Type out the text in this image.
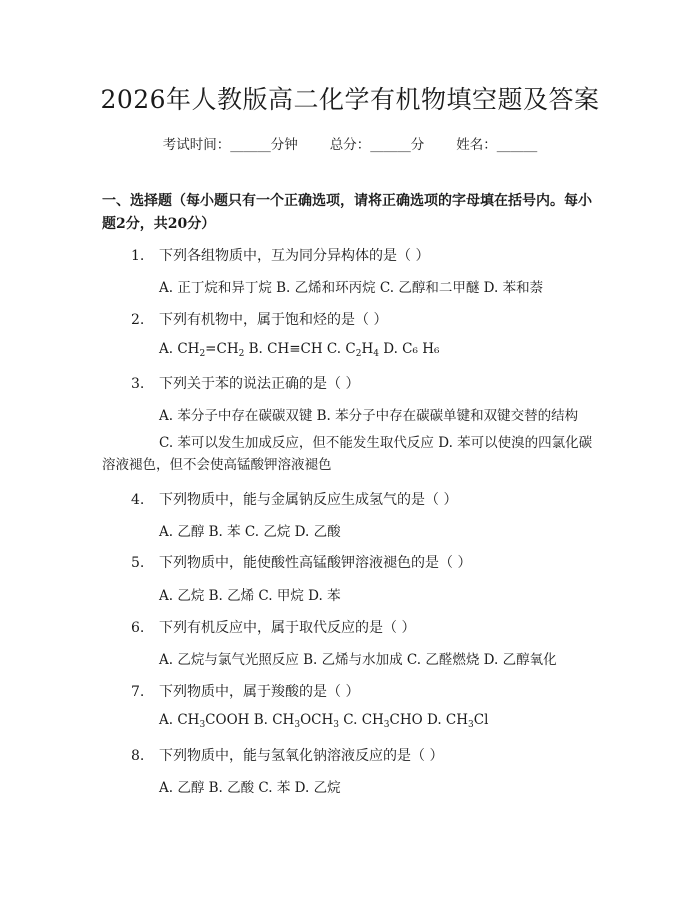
2026年人教版高二化学有机物填空题及答案
考试时间：______分钟 总分：______分 姓名：______
一、选择题（每小题只有一个正确选项，请将正确选项的字母填在括号内。每小题2分，共20分）
1. 下列各组物质中，互为同分异构体的是（ ）
A. 正丁烷和异丁烷 B. 乙烯和环丙烷 C. 乙醇和二甲醚 D. 苯和萘
2. 下列有机物中，属于饱和烃的是（ ）
A. $CH_2=CH_2$ B. CH≡CH C. $C_2H_4$ D. C₆ H₆
3. 下列关于苯的说法正确的是（ ）
A. 苯分子中存在碳碳双键 B. 苯分子中存在碳碳单键和双键交替的结构
C. 苯可以发生加成反应，但不能发生取代反应 D. 苯可以使溴的四氯化碳溶液褪色，但不会使高锰酸钾溶液褪色
4. 下列物质中，能与金属钠反应生成氢气的是（ ）
A. 乙醇 B. 苯 C. 乙烷 D. 乙酸
5. 下列物质中，能使酸性高锰酸钾溶液褪色的是（ ）
A. 乙烷 B. 乙烯 C. 甲烷 D. 苯
6. 下列有机反应中，属于取代反应的是（ ）
A. 乙烷与氯气光照反应 B. 乙烯与水加成 C. 乙醛燃烧 D. 乙醇氧化
7. 下列物质中，属于羧酸的是（ ）
A. $CH_3COOH$ B. $CH_3OCH_3$ C. $CH_3CHO$ D. $CH_3Cl$
8. 下列物质中，能与氢氧化钠溶液反应的是（ ）
A. 乙醇 B. 乙酸 C. 苯 D. 乙烷
